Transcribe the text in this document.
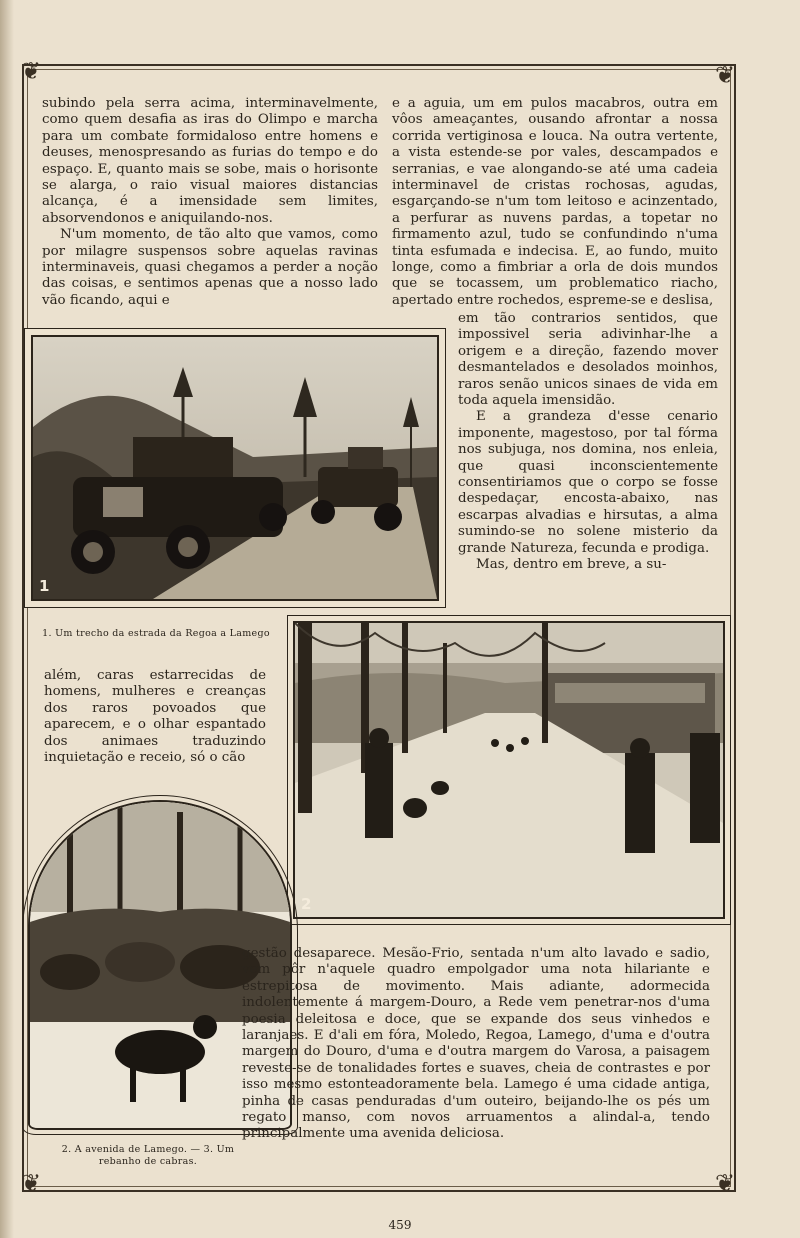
❦	❦
❦	❦

subindo pela serra acima, interminavelmente, como quem desafia as iras do Olimpo e marcha para um combate formidaloso entre homens e deuses, menospresando as furias do tempo e do espaço. E, quanto mais se sobe, mais o horisonte se alarga, o raio visual maiores distancias alcança, é a imensidade sem limites, absorvendonos e aniquilando-nos.

N'um momento, de tão alto que vamos, como por milagre suspensos sobre aquelas ravinas interminaveis, quasi chegamos a perder a noção das coisas, e sentimos apenas que a nosso lado vão ficando, aqui e

e a aguia, um em pulos macabros, outra em vôos ameaçantes, ousando afrontar a nossa corrida vertiginosa e louca. Na outra vertente, a vista estende-se por vales, descampados e serranias, e vae alongando-se até uma cadeia interminavel de cristas rochosas, agudas, esgarçando-se n'um tom leitoso e acinzentado, a perfurar as nuvens pardas, a topetar no firmamento azul, tudo se confundindo n'uma tinta esfumada e indecisa. E, ao fundo, muito longe, como a fimbriar a orla de dois mundos que se tocassem, um problematico riacho, apertado entre rochedos, espreme-se e deslisa,

em tão contrarios sentidos, que impossivel seria adivinhar-lhe a origem e a direção, fazendo mover desmantelados e desolados moinhos, raros senão unicos sinaes de vida em toda aquela imensidão.

E a grandeza d'esse cenario imponente, magestoso, por tal fórma nos subjuga, nos domina, nos enleia, que quasi inconscientemente consentiriamos que o corpo se fosse despedaçar, encosta-abaixo, nas escarpas alvadias e hirsutas, a alma sumindo-se no solene misterio da grande Natureza, fecunda e prodiga.

Mas, dentro em breve, a su-

1
1. Um trecho da estrada da Regoa a Lamego

além, caras estarrecidas de homens, mulheres e creanças dos raros povoados que aparecem, e o olhar espantado dos animaes traduzindo inquietação e receio, só o cão

2
2. A avenida de Lamego. — 3. Um rebanho de cabras.

gestão desaparece. Mesão-Frio, sentada n'um alto lavado e sadio, vem pôr n'aquele quadro empolgador uma nota hilariante e estrepitosa de movimento. Mais adiante, adormecida indolentemente á margem-Douro, a Rede vem penetrar-nos d'uma poesia deleitosa e doce, que se expande dos seus vinhedos e laranjaes. E d'ali em fóra, Moledo, Regoa, Lamego, d'uma e d'outra margem do Douro, d'uma e d'outra margem do Varosa, a paisagem reveste-se de tonalidades fortes e suaves, cheia de contrastes e por isso mesmo estonteadoramente bela. Lamego é uma cidade antiga, pinha de casas penduradas d'um outeiro, beijando-lhe os pés um regato manso, com novos arruamentos a alindal-a, tendo principalmente uma avenida deliciosa.

459
